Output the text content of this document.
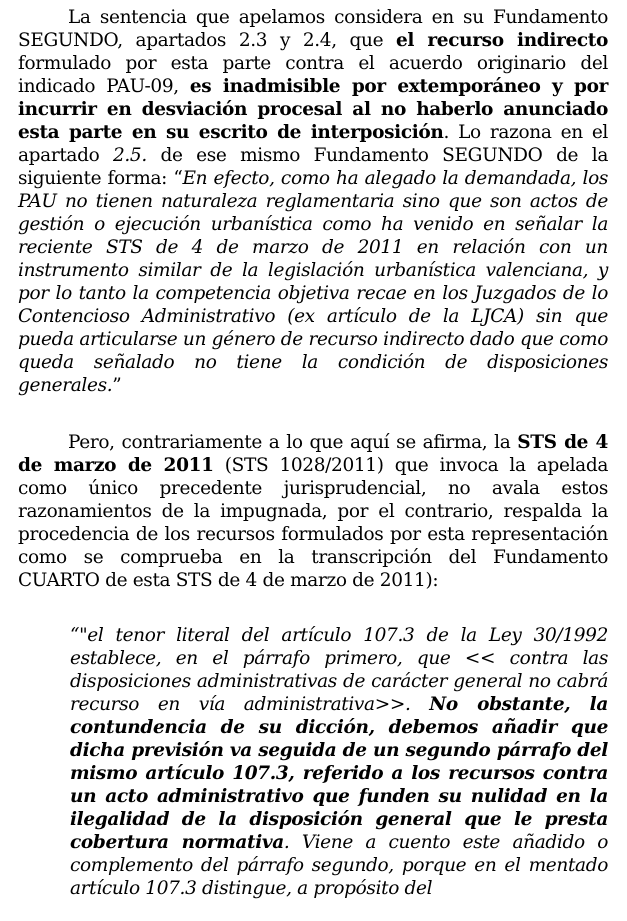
La sentencia que apelamos considera en su Fundamento SEGUNDO, apartados 2.3 y 2.4, que el recurso indirecto formulado por esta parte contra el acuerdo originario del indicado PAU-09, es inadmisible por extemporáneo y por incurrir en desviación procesal al no haberlo anunciado esta parte en su escrito de interposición. Lo razona en el apartado 2.5. de ese mismo Fundamento SEGUNDO de la siguiente forma: “En efecto, como ha alegado la demandada, los PAU no tienen naturaleza reglamentaria sino que son actos de gestión o ejecución urbanística como ha venido en señalar la reciente STS de 4 de marzo de 2011 en relación con un instrumento similar de la legislación urbanística valenciana, y por lo tanto la competencia objetiva recae en los Juzgados de lo Contencioso Administrativo (ex artículo de la LJCA) sin que pueda articularse un género de recurso indirecto dado que como queda señalado no tiene la condición de disposiciones generales.”

Pero, contrariamente a lo que aquí se afirma, la STS de 4 de marzo de 2011 (STS 1028/2011) que invoca la apelada como único precedente jurisprudencial, no avala estos razonamientos de la impugnada, por el contrario, respalda la procedencia de los recursos formulados por esta representación como se comprueba en la transcripción del Fundamento CUARTO de esta STS de 4 de marzo de 2011):

“"el tenor literal del artículo 107.3 de la Ley 30/1992 establece, en el párrafo primero, que << contra las disposiciones administrativas de carácter general no cabrá recurso en vía administrativa>>. No obstante, la contundencia de su dicción, debemos añadir que dicha previsión va seguida de un segundo párrafo del mismo artículo 107.3, referido a los recursos contra un acto administrativo que funden su nulidad en la ilegalidad de la disposición general que le presta cobertura normativa. Viene a cuento este añadido o complemento del párrafo segundo, porque en el mentado artículo 107.3 distingue, a propósito del
